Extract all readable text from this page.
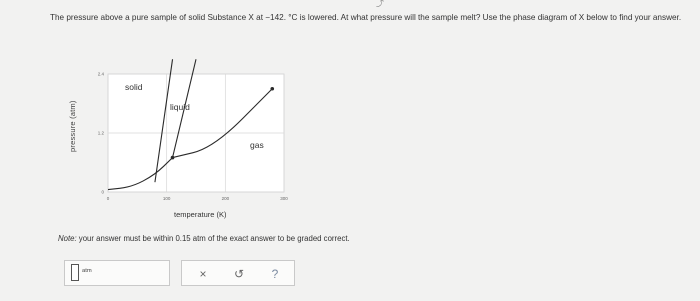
⤴
The pressure above a pure sample of solid Substance X at −142. °C is lowered. At what pressure will the sample melt? Use the phase diagram of X below to find your answer.
pressure (atm)
0	100	200	300
0
1.2
2.4
solid
liquid
gas
temperature (K)
Note: your answer must be within 0.15 atm of the exact answer to be graded correct.
atm	×	↺	?
